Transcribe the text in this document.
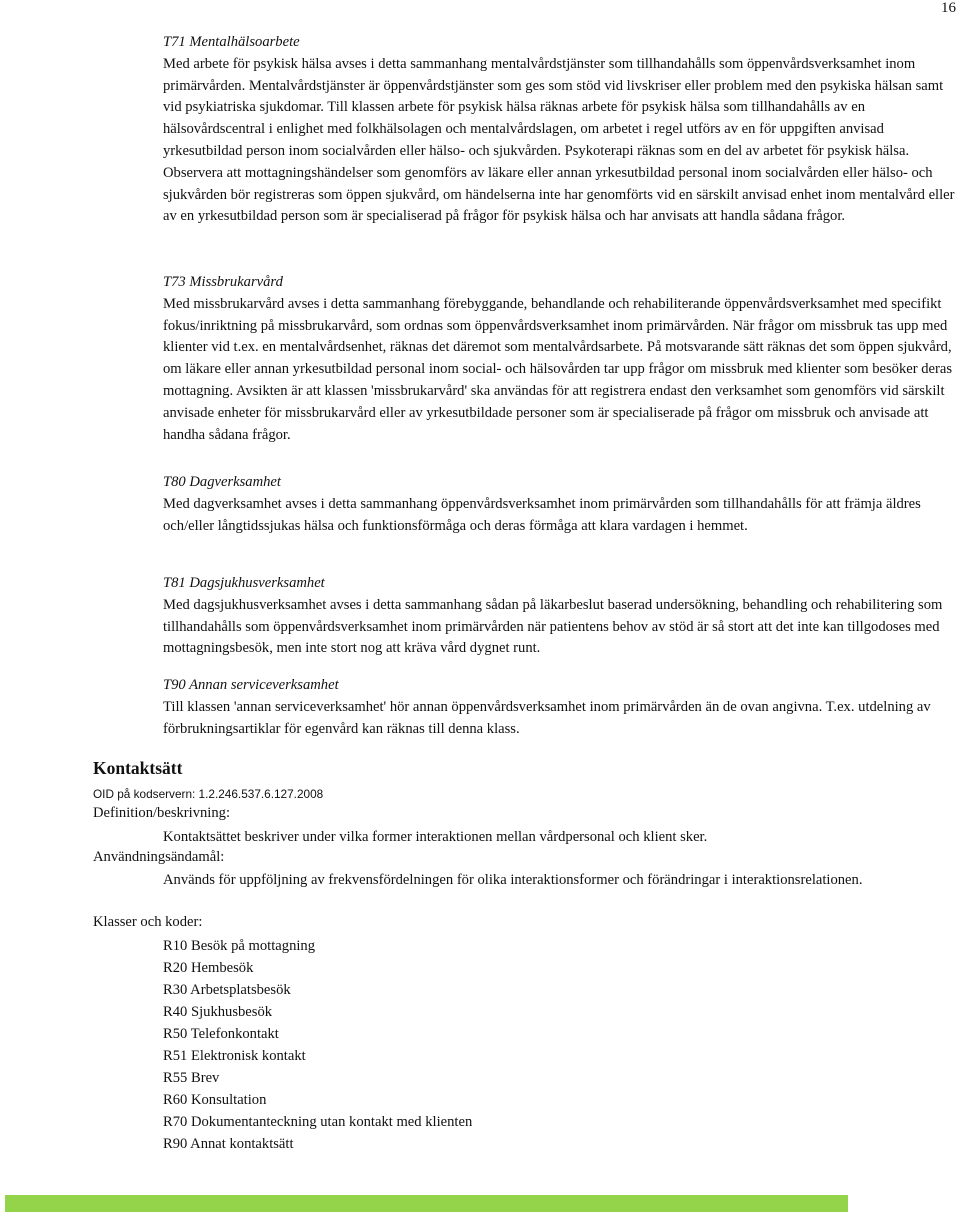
16

T71 Mentalhälsoarbete

Med arbete för psykisk hälsa avses i detta sammanhang mentalvårdstjänster som tillhandahålls som öppenvårdsverksamhet inom primärvården. Mentalvårdstjänster är öppenvårdstjänster som ges som stöd vid livskriser eller problem med den psykiska hälsan samt vid psykiatriska sjukdomar. Till klassen arbete för psykisk hälsa räknas arbete för psykisk hälsa som tillhandahålls av en hälsovårdscentral i enlighet med folkhälsolagen och mentalvårdslagen, om arbetet i regel utförs av en för uppgiften anvisad yrkesutbildad person inom socialvården eller hälso- och sjukvården. Psykoterapi räknas som en del av arbetet för psykisk hälsa. Observera att mottagningshändelser som genomförs av läkare eller annan yrkesutbildad personal inom socialvården eller hälso- och sjukvården bör registreras som öppen sjukvård, om händelserna inte har genomförts vid en särskilt anvisad enhet inom mentalvård eller av en yrkesutbildad person som är specialiserad på frågor för psykisk hälsa och har anvisats att handla sådana frågor.

T73 Missbrukarvård

Med missbrukarvård avses i detta sammanhang förebyggande, behandlande och rehabiliterande öppenvårdsverksamhet med specifikt fokus/inriktning på missbrukarvård, som ordnas som öppenvårdsverksamhet inom primärvården. När frågor om missbruk tas upp med klienter vid t.ex. en mentalvårdsenhet, räknas det däremot som mentalvårdsarbete. På motsvarande sätt räknas det som öppen sjukvård, om läkare eller annan yrkesutbildad personal inom social- och hälsovården tar upp frågor om missbruk med klienter som besöker deras mottagning. Avsikten är att klassen 'missbrukarvård' ska användas för att registrera endast den verksamhet som genomförs vid särskilt anvisade enheter för missbrukarvård eller av yrkesutbildade personer som är specialiserade på frågor om missbruk och anvisade att handha sådana frågor.

T80 Dagverksamhet

Med dagverksamhet avses i detta sammanhang öppenvårdsverksamhet inom primärvården som tillhandahålls för att främja äldres och/eller långtidssjukas hälsa och funktionsförmåga och deras förmåga att klara vardagen i hemmet.

T81 Dagsjukhusverksamhet

Med dagsjukhusverksamhet avses i detta sammanhang sådan på läkarbeslut baserad undersökning, behandling och rehabilitering som tillhandahålls som öppenvårdsverksamhet inom primärvården när patientens behov av stöd är så stort att det inte kan tillgodoses med mottagningsbesök, men inte stort nog att kräva vård dygnet runt.

T90 Annan serviceverksamhet

Till klassen 'annan serviceverksamhet' hör annan öppenvårdsverksamhet inom primärvården än de ovan angivna. T.ex. utdelning av förbrukningsartiklar för egenvård kan räknas till denna klass.

Kontaktsätt
OID på kodservern: 1.2.246.537.6.127.2008
Definition/beskrivning:
Kontaktsättet beskriver under vilka former interaktionen mellan vårdpersonal och klient sker.
Användningsändamål:
Används för uppföljning av frekvensfördelningen för olika interaktionsformer och förändringar i interaktionsrelationen.
Klasser och koder:
R10 Besök på mottagning
R20 Hembesök
R30 Arbetsplatsbesök
R40 Sjukhusbesök
R50 Telefonkontakt
R51 Elektronisk kontakt
R55 Brev
R60 Konsultation
R70 Dokumentanteckning utan kontakt med klienten
R90 Annat kontaktsätt
